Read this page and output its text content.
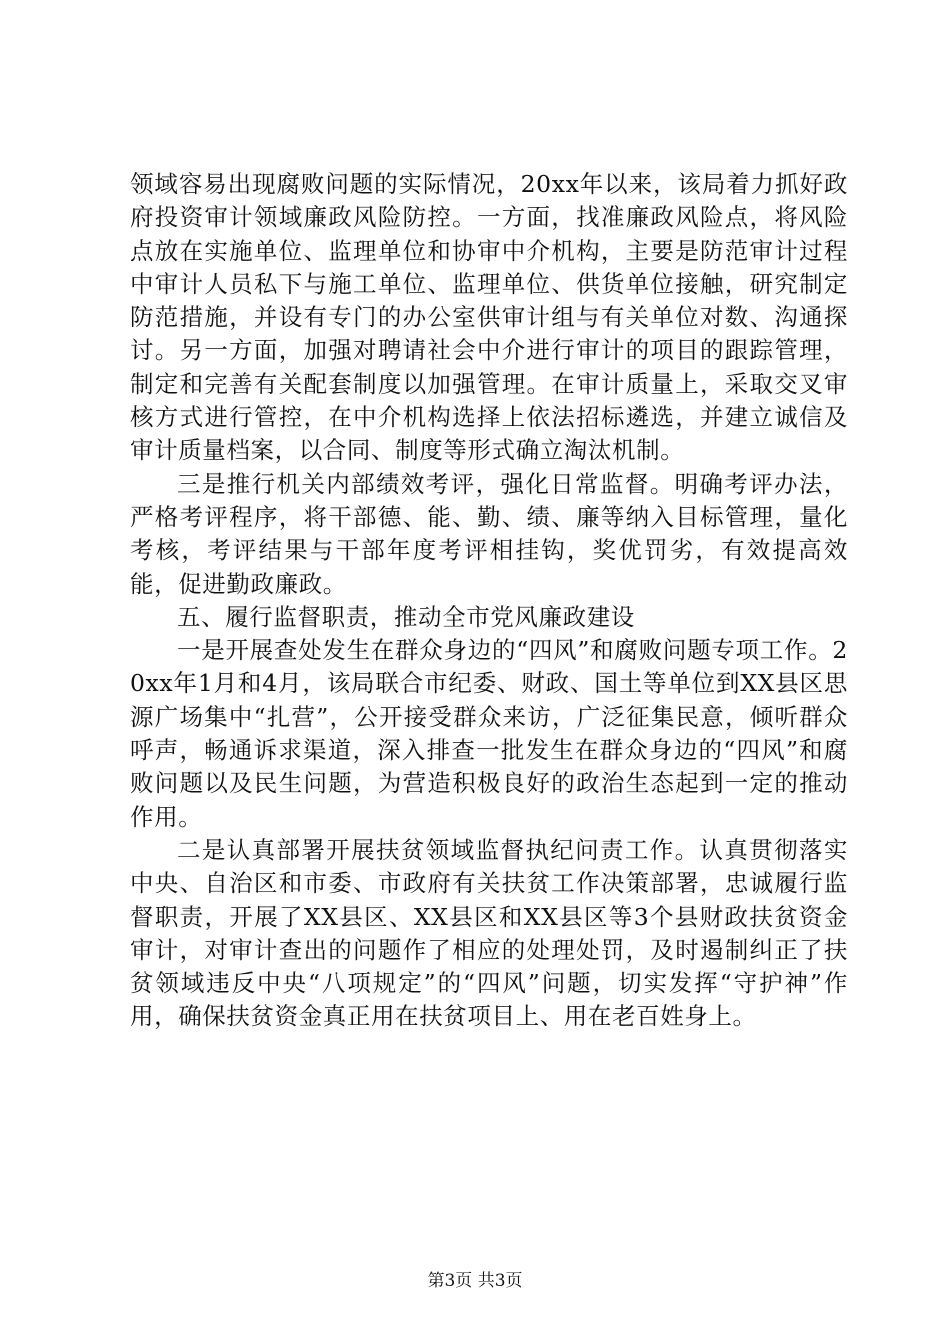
领域容易出现腐败问题的实际情况，20xx年以来，该局着力抓好政府投资审计领域廉政风险防控。一方面，找准廉政风险点，将风险点放在实施单位、监理单位和协审中介机构，主要是防范审计过程中审计人员私下与施工单位、监理单位、供货单位接触，研究制定防范措施，并设有专门的办公室供审计组与有关单位对数、沟通探讨。另一方面，加强对聘请社会中介进行审计的项目的跟踪管理，制定和完善有关配套制度以加强管理。在审计质量上，采取交叉审核方式进行管控，在中介机构选择上依法招标遴选，并建立诚信及审计质量档案，以合同、制度等形式确立淘汰机制。

三是推行机关内部绩效考评，强化日常监督。明确考评办法，严格考评程序，将干部德、能、勤、绩、廉等纳入目标管理，量化考核，考评结果与干部年度考评相挂钩，奖优罚劣，有效提高效能，促进勤政廉政。

五、履行监督职责，推动全市党风廉政建设

一是开展查处发生在群众身边的“四风”和腐败问题专项工作。20xx年1月和4月，该局联合市纪委、财政、国土等单位到XX县区思源广场集中“扎营”，公开接受群众来访，广泛征集民意，倾听群众呼声，畅通诉求渠道，深入排查一批发生在群众身边的“四风”和腐败问题以及民生问题，为营造积极良好的政治生态起到一定的推动作用。

二是认真部署开展扶贫领域监督执纪问责工作。认真贯彻落实中央、自治区和市委、市政府有关扶贫工作决策部署，忠诚履行监督职责，开展了XX县区、XX县区和XX县区等3个县财政扶贫资金审计，对审计查出的问题作了相应的处理处罚，及时遏制纠正了扶贫领域违反中央“八项规定”的“四风”问题，切实发挥“守护神”作用，确保扶贫资金真正用在扶贫项目上、用在老百姓身上。

第3页 共3页
